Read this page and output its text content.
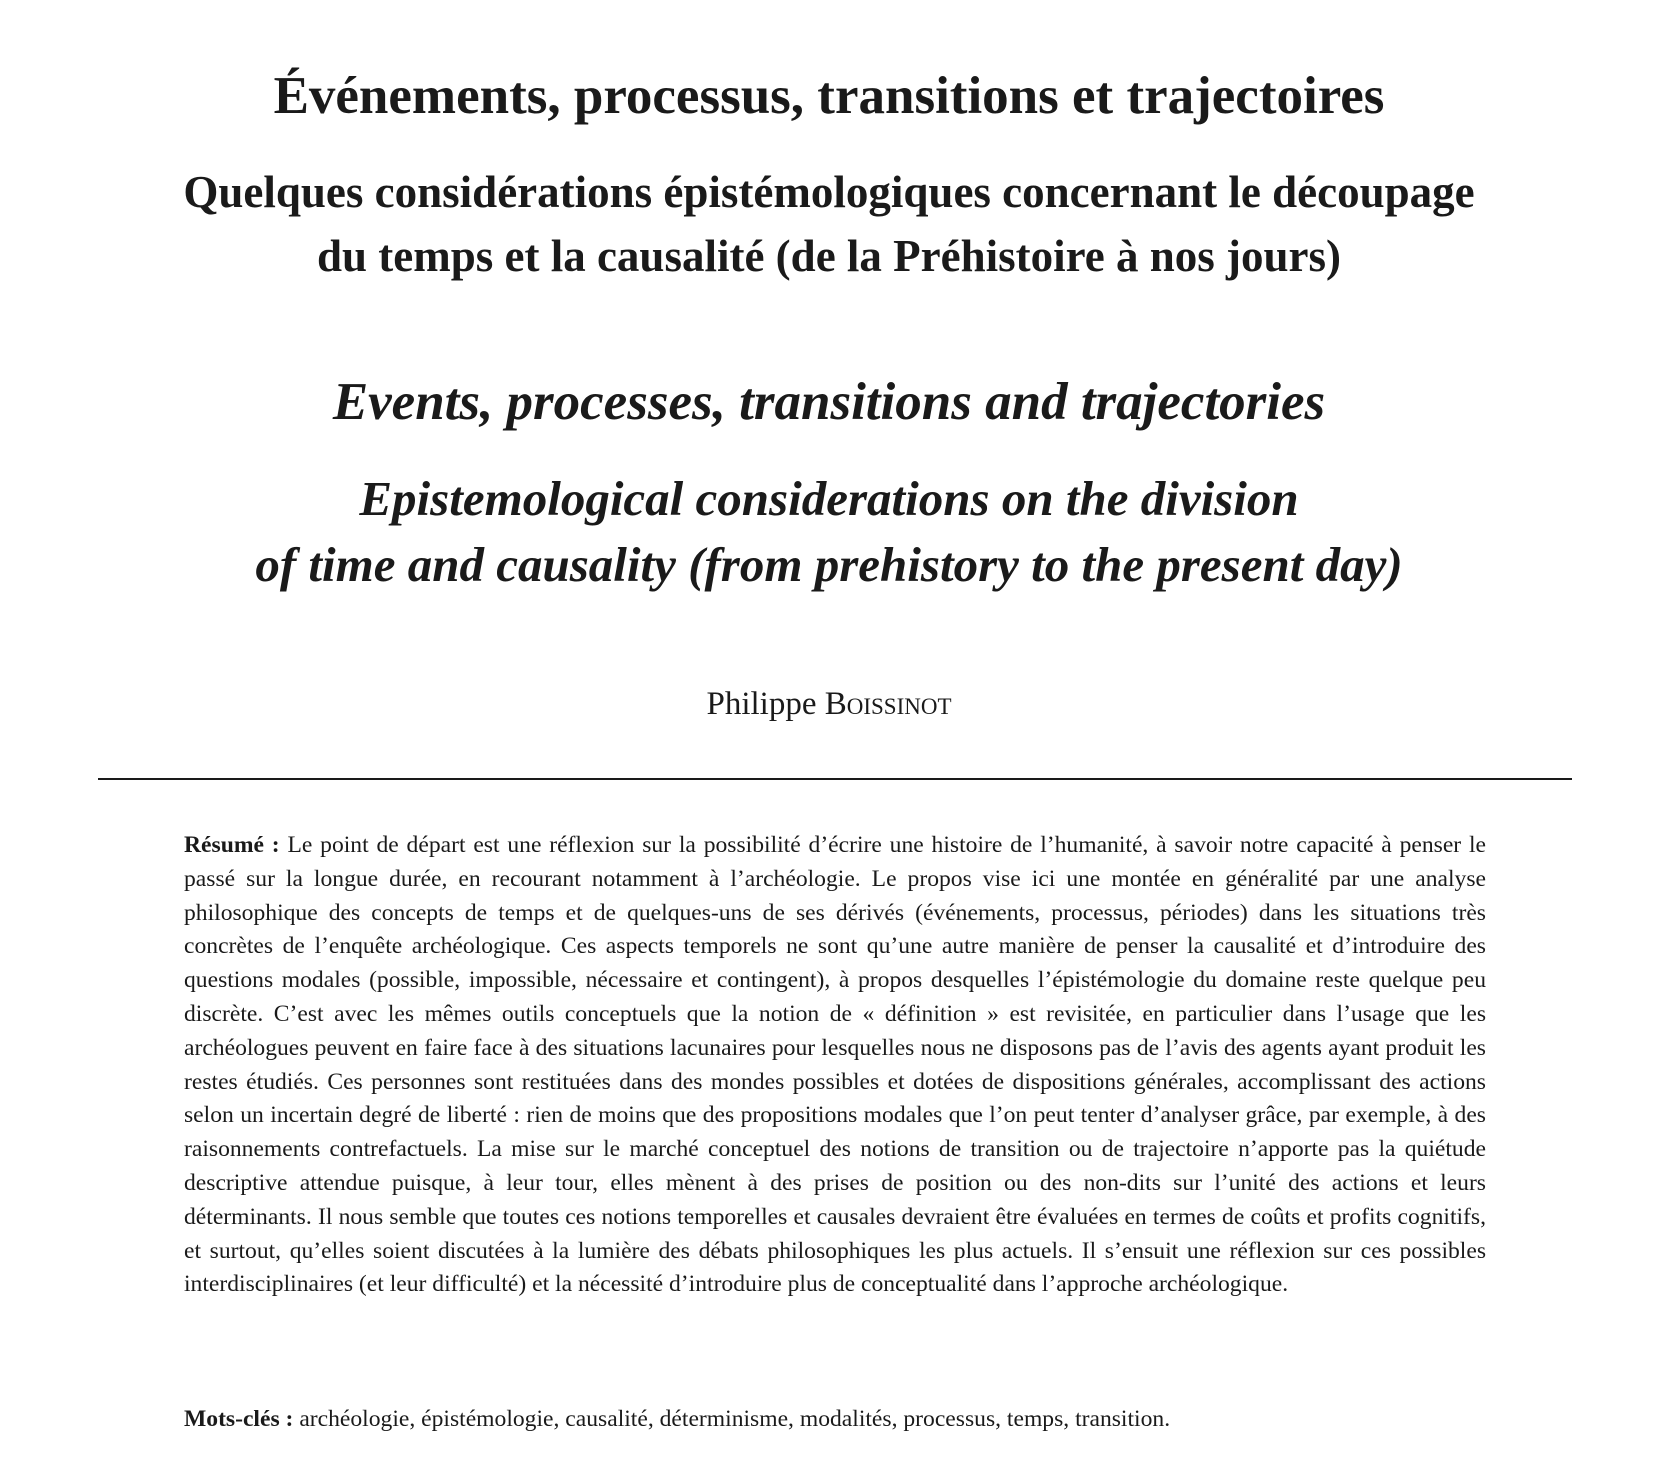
Événements, processus, transitions et trajectoires
Quelques considérations épistémologiques concernant le découpage
du temps et la causalité (de la Préhistoire à nos jours)
Events, processes, transitions and trajectories
Epistemological considerations on the division
of time and causality (from prehistory to the present day)
Philippe Boissinot
Résumé : Le point de départ est une réflexion sur la possibilité d’écrire une histoire de l’humanité, à savoir notre capacité à penser le passé sur la longue durée, en recourant notamment à l’archéologie. Le propos vise ici une montée en généralité par une analyse philosophique des concepts de temps et de quelques-uns de ses dérivés (événements, processus, périodes) dans les situations très concrètes de l’enquête archéologique. Ces aspects temporels ne sont qu’une autre manière de penser la causalité et d’introduire des questions modales (possible, impossible, nécessaire et contingent), à propos desquelles l’épistémologie du domaine reste quelque peu discrète. C’est avec les mêmes outils conceptuels que la notion de « définition » est revisitée, en particulier dans l’usage que les archéologues peuvent en faire face à des situations lacunaires pour lesquelles nous ne disposons pas de l’avis des agents ayant produit les restes étudiés. Ces personnes sont restituées dans des mondes possibles et dotées de dispositions générales, accomplissant des actions selon un incertain degré de liberté : rien de moins que des propositions modales que l’on peut tenter d’analyser grâce, par exemple, à des raisonnements contrefactuels. La mise sur le marché conceptuel des notions de transition ou de trajectoire n’apporte pas la quiétude descriptive attendue puisque, à leur tour, elles mènent à des prises de position ou des non-dits sur l’unité des actions et leurs déterminants. Il nous semble que toutes ces notions temporelles et causales devraient être évaluées en termes de coûts et profits cognitifs, et surtout, qu’elles soient discutées à la lumière des débats philosophiques les plus actuels. Il s’ensuit une réflexion sur ces possibles interdisciplinaires (et leur difficulté) et la nécessité d’introduire plus de conceptualité dans l’approche archéologique.
Mots-clés : archéologie, épistémologie, causalité, déterminisme, modalités, processus, temps, transition.
